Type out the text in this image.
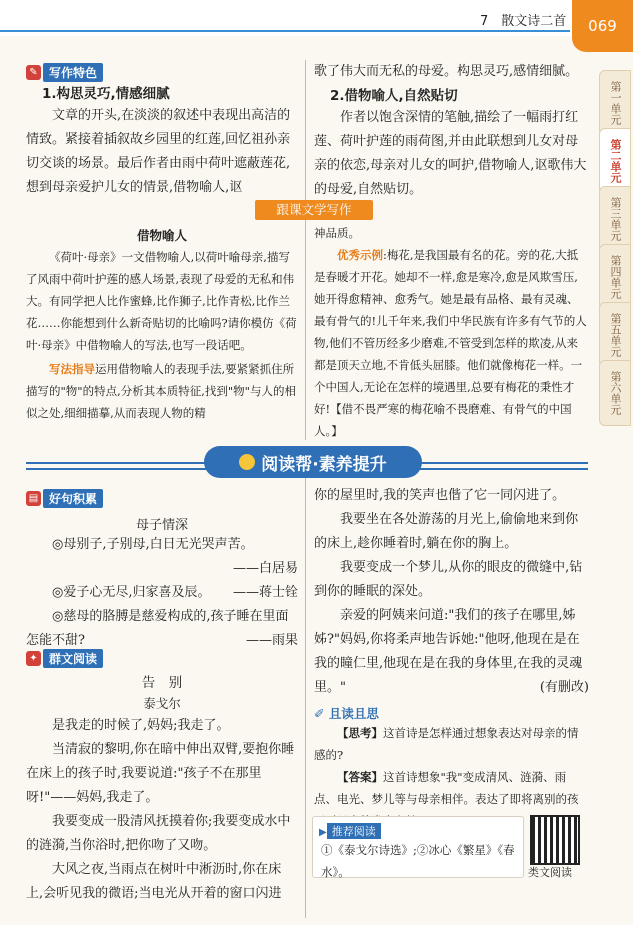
7　散文诗二首	069
第一单元
第二单元
第三单元
第四单元
第五单元
第六单元
✎ 写作特色

1.构思灵巧,情感细腻

文章的开头,在淡淡的叙述中表现出高洁的情致。紧接着插叙故乡园里的红莲,回忆祖孙亲切交谈的场景。最后作者由雨中荷叶遮蔽莲花,想到母亲爱护儿女的情景,借物喻人,讴

歌了伟大而无私的母爱。构思灵巧,感情细腻。

2.借物喻人,自然贴切

作者以饱含深情的笔触,描绘了一幅雨打红莲、荷叶护莲的雨荷图,并由此联想到儿女对母亲的依恋,母亲对儿女的呵护,借物喻人,讴歌伟大的母爱,自然贴切。

跟课文学写作

借物喻人

《荷叶·母亲》一文借物喻人,以荷叶喻母亲,描写了风雨中荷叶护莲的感人场景,表现了母爱的无私和伟大。有同学把人比作蜜蜂,比作狮子,比作青松,比作兰花……你能想到什么新奇贴切的比喻吗?请你模仿《荷叶·母亲》中借物喻人的写法,也写一段话吧。

写法指导运用借物喻人的表现手法,要紧紧抓住所描写的"物"的特点,分析其本质特征,找到"物"与人的相似之处,细细描摹,从而表现人物的精

神品质。

优秀示例:梅花,是我国最有名的花。旁的花,大抵是春暖才开花。她却不一样,愈是寒冷,愈是风欺雪压,她开得愈精神、愈秀气。她是最有品格、最有灵魂、最有骨气的!儿千年来,我们中华民族有许多有气节的人物,他们不管历经多少磨难,不管受到怎样的欺凌,从来都是顶天立地,不肯低头屈膝。他们就像梅花一样。一个中国人,无论在怎样的境遇里,总要有梅花的秉性才好!【借不畏严寒的梅花喻不畏磨难、有骨气的中国人。】

阅读帮·素养提升
▤ 好句积累

母子情深

◎母别子,子别母,白日无光哭声苦。

——白居易

◎爱子心无尽,归家喜及辰。	——蒋士铨

◎慈母的胳膊是慈爱构成的,孩子睡在里面怎能不甜?	——雨果

✦ 群文阅读

告　别

泰戈尔

是我走的时候了,妈妈;我走了。

当清寂的黎明,你在暗中伸出双臂,要抱你睡在床上的孩子时,我要说道:"孩子不在那里呀!"——妈妈,我走了。

我要变成一股清风抚摸着你;我要变成水中的涟漪,当你浴时,把你吻了又吻。

大风之夜,当雨点在树叶中淅沥时,你在床上,会听见我的微语;当电光从开着的窗口闪进

你的屋里时,我的笑声也偕了它一同闪进了。

我要坐在各处游荡的月光上,偷偷地来到你的床上,趁你睡着时,躺在你的胸上。

我要变成一个梦儿,从你的眼皮的微缝中,钻到你的睡眠的深处。

亲爱的阿姨来问道:"我们的孩子在哪里,姊姊?"妈妈,你将柔声地告诉她:"他呀,他现在是在我的瞳仁里,他现在是在我的身体里,在我的灵魂里。"	(有删改)

✐ 且读且思

【思考】这首诗是怎样通过想象表达对母亲的情感的?

【答案】这首诗想象"我"变成清风、涟漪、雨点、电光、梦儿等与母亲相伴。表达了即将离别的孩

▶ 推荐阅读

①《泰戈尔诗选》;②冰心《繁星》《春水》。	类文阅读
